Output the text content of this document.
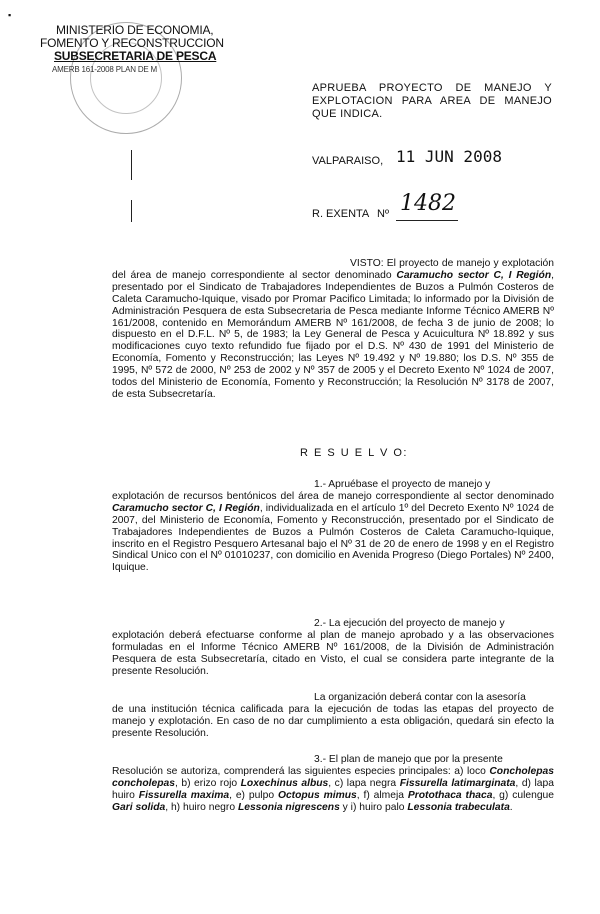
MINISTERIO DE ECONOMIA,
FOMENTO Y RECONSTRUCCION
SUBSECRETARIA DE PESCA
AMERB 161-2008 PLAN DE M
▪
APRUEBA PROYECTO DE MANEJO Y EXPLOTACION PARA AREA DE MANEJO QUE INDICA.
VALPARAISO, 11 JUN 2008
R. EXENTA Nº 1482
VISTO: El proyecto de manejo y explotación del área de manejo correspondiente al sector denominado Caramucho sector C, I Región, presentado por el Sindicato de Trabajadores Independientes de Buzos a Pulmón Costeros de Caleta Caramucho-Iquique, visado por Promar Pacifico Limitada; lo informado por la División de Administración Pesquera de esta Subsecretaria de Pesca mediante Informe Técnico AMERB Nº 161/2008, contenido en Memorándum AMERB Nº 161/2008, de fecha 3 de junio de 2008; lo dispuesto en el D.F.L. Nº 5, de 1983; la Ley General de Pesca y Acuicultura Nº 18.892 y sus modificaciones cuyo texto refundido fue fijado por el D.S. Nº 430 de 1991 del Ministerio de Economía, Fomento y Reconstrucción; las Leyes Nº 19.492 y Nº 19.880; los D.S. Nº 355 de 1995, Nº 572 de 2000, Nº 253 de 2002 y Nº 357 de 2005 y el Decreto Exento Nº 1024 de 2007, todos del Ministerio de Economía, Fomento y Reconstrucción; la Resolución Nº 3178 de 2007, de esta Subsecretaría.
R E S U E L V O:
1.- Apruébase el proyecto de manejo y
explotación de recursos bentónicos del área de manejo correspondiente al sector denominado Caramucho sector C, I Región, individualizada en el artículo 1º del Decreto Exento Nº 1024 de 2007, del Ministerio de Economía, Fomento y Reconstrucción, presentado por el Sindicato de Trabajadores Independientes de Buzos a Pulmón Costeros de Caleta Caramucho-Iquique, inscrito en el Registro Pesquero Artesanal bajo el Nº 31 de 20 de enero de 1998 y en el Registro Sindical Unico con el Nº 01010237, con domicilio en Avenida Progreso (Diego Portales) Nº 2400, Iquique.
2.- La ejecución del proyecto de manejo y
explotación deberá efectuarse conforme al plan de manejo aprobado y a las observaciones formuladas en el Informe Técnico AMERB Nº 161/2008, de la División de Administración Pesquera de esta Subsecretaría, citado en Visto, el cual se considera parte integrante de la presente Resolución.
La organización deberá contar con la asesoría
de una institución técnica calificada para la ejecución de todas las etapas del proyecto de manejo y explotación. En caso de no dar cumplimiento a esta obligación, quedará sin efecto la presente Resolución.
3.- El plan de manejo que por la presente
Resolución se autoriza, comprenderá las siguientes especies principales: a) loco Concholepas concholepas, b) erizo rojo Loxechinus albus, c) lapa negra Fissurella latimarginata, d) lapa huiro Fissurella maxima, e) pulpo Octopus mimus, f) almeja Protothaca thaca, g) culengue Gari solida, h) huiro negro Lessonia nigrescens y i) huiro palo Lessonia trabeculata.
